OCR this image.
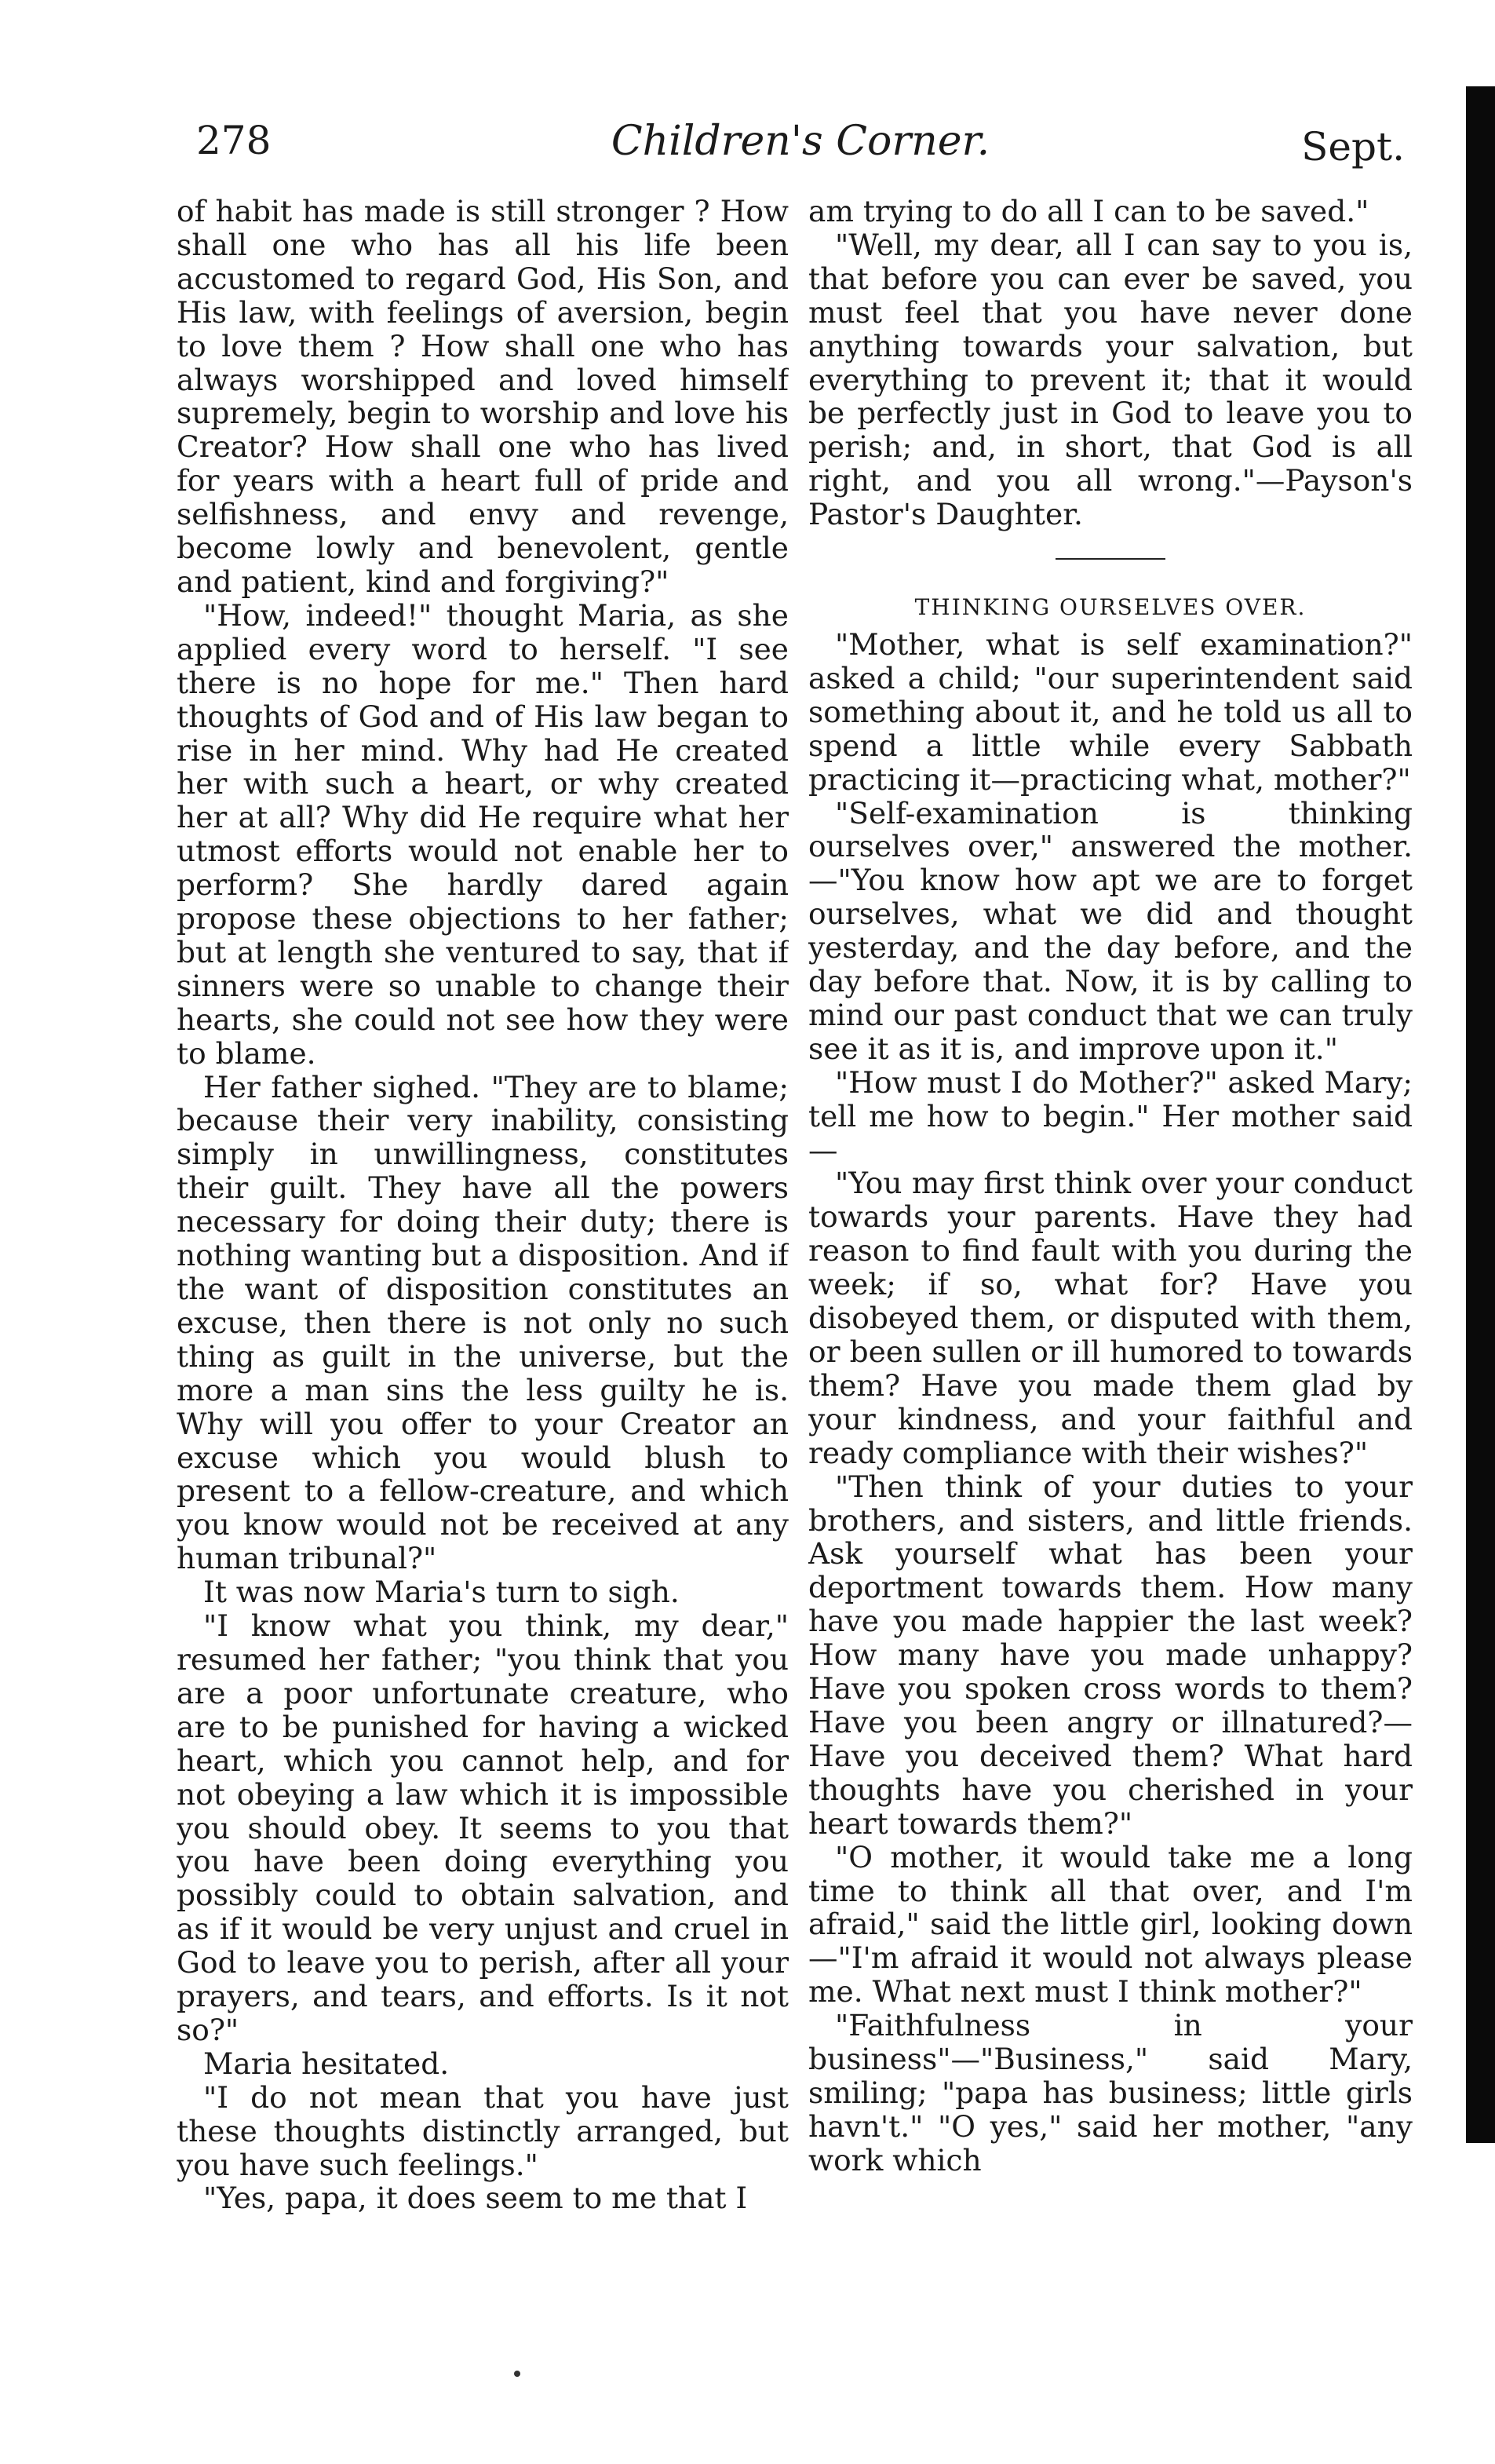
278	Children's Corner.	Sept.

of habit has made is still stronger ? How shall one who has all his life been accustomed to regard God, His Son, and His law, with feelings of aversion, begin to love them ? How shall one who has always worshipped and loved himself supremely, begin to worship and love his Creator? How shall one who has lived for years with a heart full of pride and selfishness, and envy and revenge, become lowly and benevolent, gentle and patient, kind and forgiving?"

"How, indeed!" thought Maria, as she applied every word to herself. "I see there is no hope for me." Then hard thoughts of God and of His law began to rise in her mind. Why had He created her with such a heart, or why created her at all? Why did He require what her utmost efforts would not enable her to perform? She hardly dared again propose these objections to her father; but at length she ventured to say, that if sinners were so unable to change their hearts, she could not see how they were to blame.

Her father sighed. "They are to blame; because their very inability, consisting simply in unwillingness, constitutes their guilt. They have all the powers necessary for doing their duty; there is nothing wanting but a disposition. And if the want of disposition constitutes an excuse, then there is not only no such thing as guilt in the universe, but the more a man sins the less guilty he is. Why will you offer to your Creator an excuse which you would blush to present to a fellow-creature, and which you know would not be received at any human tribunal?"

It was now Maria's turn to sigh.

"I know what you think, my dear," resumed her father; "you think that you are a poor unfortunate creature, who are to be punished for having a wicked heart, which you cannot help, and for not obeying a law which it is impossible you should obey. It seems to you that you have been doing everything you possibly could to obtain salvation, and as if it would be very unjust and cruel in God to leave you to perish, after all your prayers, and tears, and efforts. Is it not so?"

Maria hesitated.

"I do not mean that you have just these thoughts distinctly arranged, but you have such feelings."

"Yes, papa, it does seem to me that I

am trying to do all I can to be saved."

"Well, my dear, all I can say to you is, that before you can ever be saved, you must feel that you have never done anything towards your salvation, but everything to prevent it; that it would be perfectly just in God to leave you to perish; and, in short, that God is all right, and you all wrong."—Payson's Pastor's Daughter.

THINKING OURSELVES OVER.

"Mother, what is self examination?" asked a child; "our superintendent said something about it, and he told us all to spend a little while every Sabbath practicing it—practicing what, mother?"

"Self-examination is thinking ourselves over," answered the mother.—"You know how apt we are to forget ourselves, what we did and thought yesterday, and the day before, and the day before that. Now, it is by calling to mind our past conduct that we can truly see it as it is, and improve upon it."

"How must I do Mother?" asked Mary; tell me how to begin." Her mother said—

"You may first think over your conduct towards your parents. Have they had reason to find fault with you during the week; if so, what for? Have you disobeyed them, or disputed with them, or been sullen or ill humored to towards them? Have you made them glad by your kindness, and your faithful and ready compliance with their wishes?"

"Then think of your duties to your brothers, and sisters, and little friends. Ask yourself what has been your deportment towards them. How many have you made happier the last week? How many have you made unhappy? Have you spoken cross words to them? Have you been angry or illnatured?—Have you deceived them? What hard thoughts have you cherished in your heart towards them?"

"O mother, it would take me a long time to think all that over, and I'm afraid," said the little girl, looking down—"I'm afraid it would not always please me. What next must I think mother?"

"Faithfulness in your business"—"Business," said Mary, smiling; "papa has business; little girls havn't." "O yes," said her mother, "any work which
